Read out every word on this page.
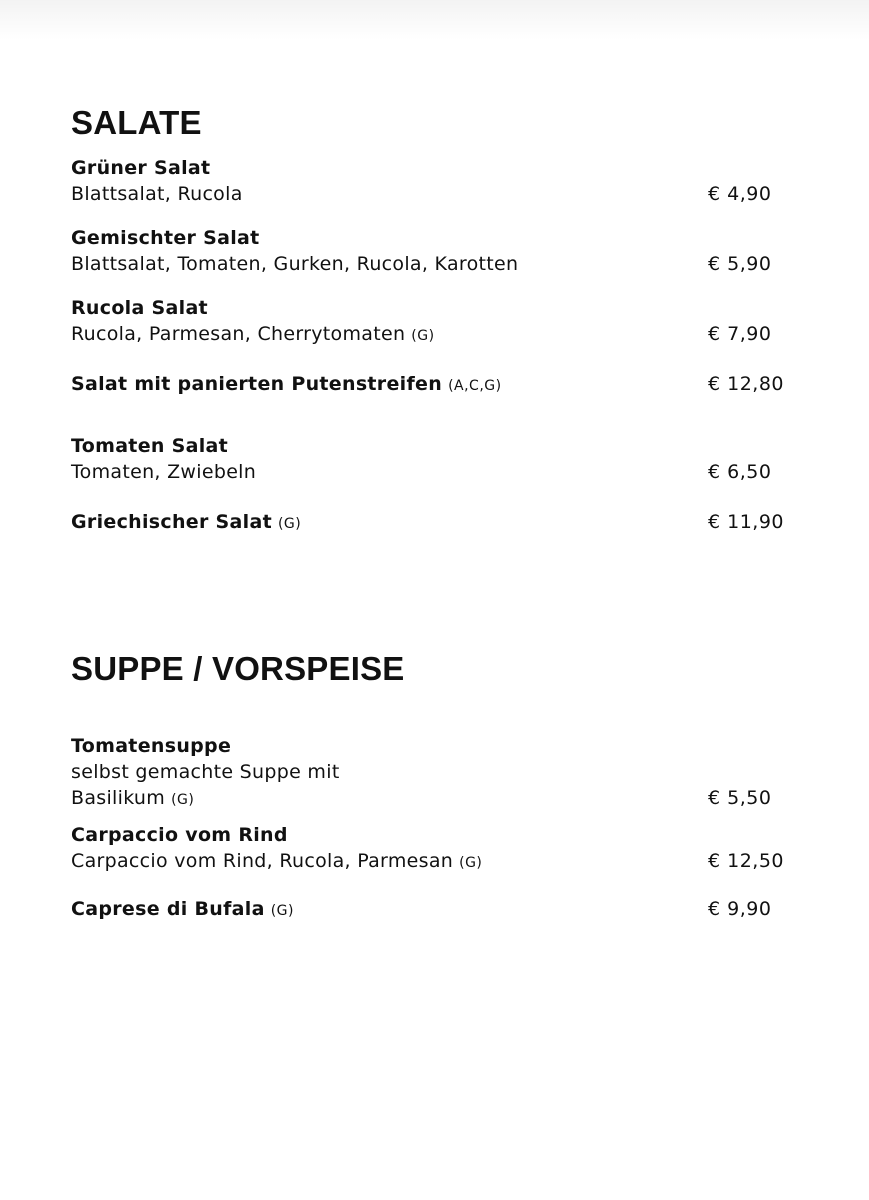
SALATE
Grüner Salat
Blattsalat, Rucola	€ 4,90
Gemischter Salat
Blattsalat, Tomaten, Gurken, Rucola, Karotten	€ 5,90
Rucola Salat
Rucola, Parmesan, Cherrytomaten (G)	€ 7,90
Salat mit panierten Putenstreifen (A,C,G)	€ 12,80
Tomaten Salat
Tomaten, Zwiebeln	€ 6,50
Griechischer Salat (G)	€ 11,90
SUPPE / VORSPEISE
Tomatensuppe
selbst gemachte Suppe mit
Basilikum (G)	€ 5,50
Carpaccio vom Rind
Carpaccio vom Rind, Rucola, Parmesan (G)	€ 12,50
Caprese di Bufala (G)	€ 9,90
